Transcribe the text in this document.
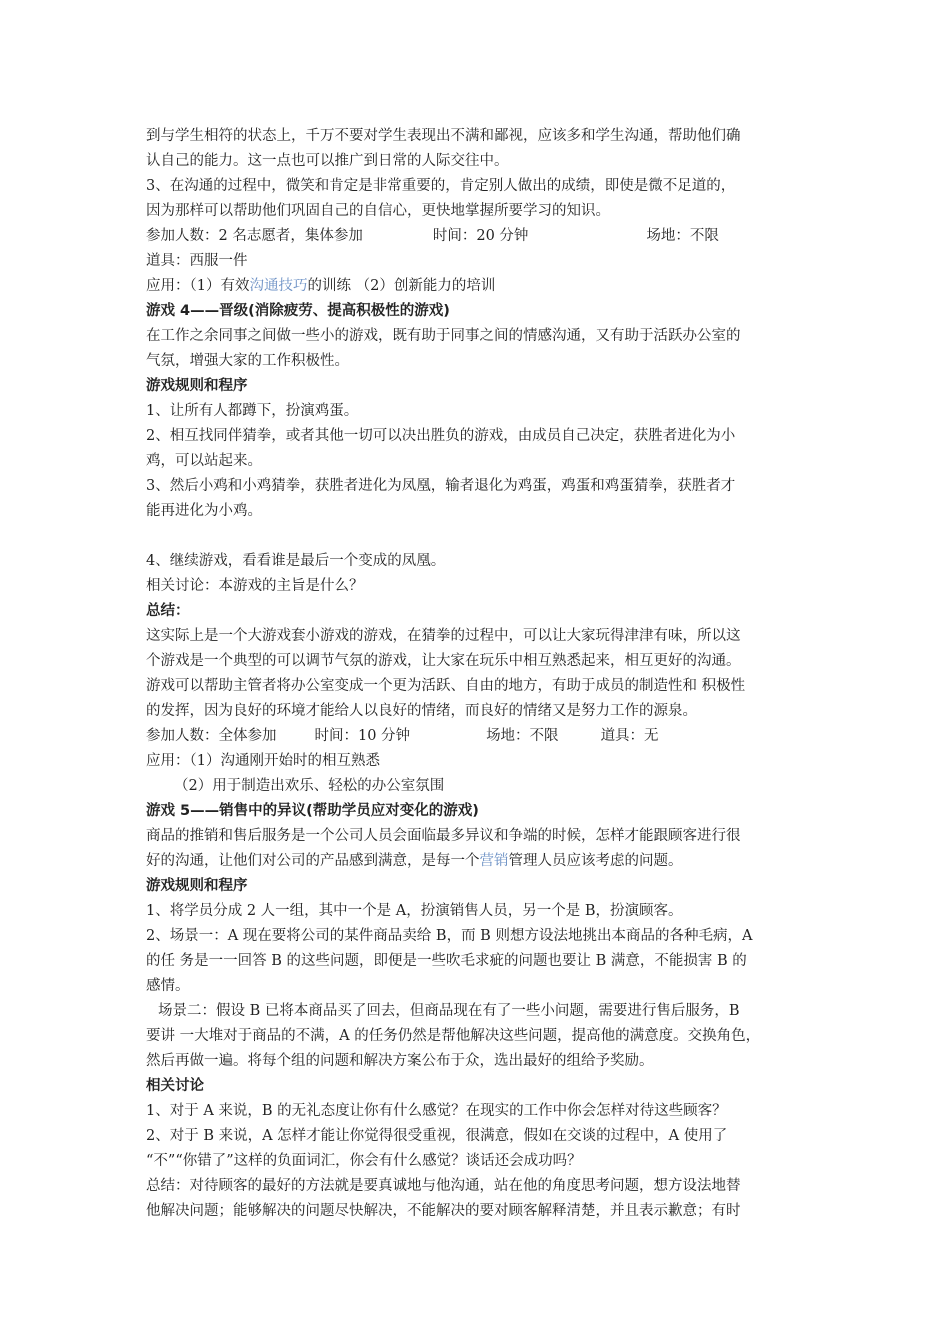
到与学生相符的状态上，千万不要对学生表现出不满和鄙视，应该多和学生沟通，帮助他们确
认自己的能力。这一点也可以推广到日常的人际交往中。
3、在沟通的过程中，微笑和肯定是非常重要的，肯定别人做出的成绩，即使是微不足道的，
因为那样可以帮助他们巩固自己的自信心，更快地掌握所要学习的知识。
参加人数：2 名志愿者，集体参加	时间：20 分钟	场地：不限
道具：西服一件
应用：（1）有效沟通技巧的训练 （2）创新能力的培训
游戏 4——晋级(消除疲劳、提高积极性的游戏)
在工作之余同事之间做一些小的游戏，既有助于同事之间的情感沟通，又有助于活跃办公室的
气氛，增强大家的工作积极性。
游戏规则和程序
1、让所有人都蹲下，扮演鸡蛋。
2、相互找同伴猜拳，或者其他一切可以决出胜负的游戏，由成员自己决定，获胜者进化为小
鸡，可以站起来。
3、然后小鸡和小鸡猜拳，获胜者进化为凤凰，输者退化为鸡蛋，鸡蛋和鸡蛋猜拳，获胜者才
能再进化为小鸡。
4、继续游戏，看看谁是最后一个变成的凤凰。
相关讨论：本游戏的主旨是什么？
总结：
这实际上是一个大游戏套小游戏的游戏，在猜拳的过程中，可以让大家玩得津津有味，所以这
个游戏是一个典型的可以调节气氛的游戏，让大家在玩乐中相互熟悉起来，相互更好的沟通。
游戏可以帮助主管者将办公室变成一个更为活跃、自由的地方，有助于成员的制造性和 积极性
的发挥，因为良好的环境才能给人以良好的情绪，而良好的情绪又是努力工作的源泉。
参加人数：全体参加	时间：10 分钟	场地：不限	道具：无
应用：（1）沟通刚开始时的相互熟悉
（2）用于制造出欢乐、轻松的办公室氛围
游戏 5——销售中的异议(帮助学员应对变化的游戏)
商品的推销和售后服务是一个公司人员会面临最多异议和争端的时候，怎样才能跟顾客进行很
好的沟通，让他们对公司的产品感到满意，是每一个营销管理人员应该考虑的问题。
游戏规则和程序
1、将学员分成 2 人一组，其中一个是 A，扮演销售人员，另一个是 B，扮演顾客。
2、场景一：A 现在要将公司的某件商品卖给 B，而 B 则想方设法地挑出本商品的各种毛病，A
的任 务是一一回答 B 的这些问题，即便是一些吹毛求疵的问题也要让 B 满意，不能损害 B 的
感情。
场景二：假设 B 已将本商品买了回去，但商品现在有了一些小问题，需要进行售后服务，B
要讲 一大堆对于商品的不满，A 的任务仍然是帮他解决这些问题，提高他的满意度。交换角色，
然后再做一遍。将每个组的问题和解决方案公布于众，选出最好的组给予奖励。
相关讨论
1、对于 A 来说，B 的无礼态度让你有什么感觉？在现实的工作中你会怎样对待这些顾客？
2、对于 B 来说，A 怎样才能让你觉得很受重视，很满意，假如在交谈的过程中，A 使用了
“不”“你错了”这样的负面词汇，你会有什么感觉？谈话还会成功吗？
总结：对待顾客的最好的方法就是要真诚地与他沟通，站在他的角度思考问题，想方设法地替
他解决问题；能够解决的问题尽快解决，不能解决的要对顾客解释清楚，并且表示歉意；有时
